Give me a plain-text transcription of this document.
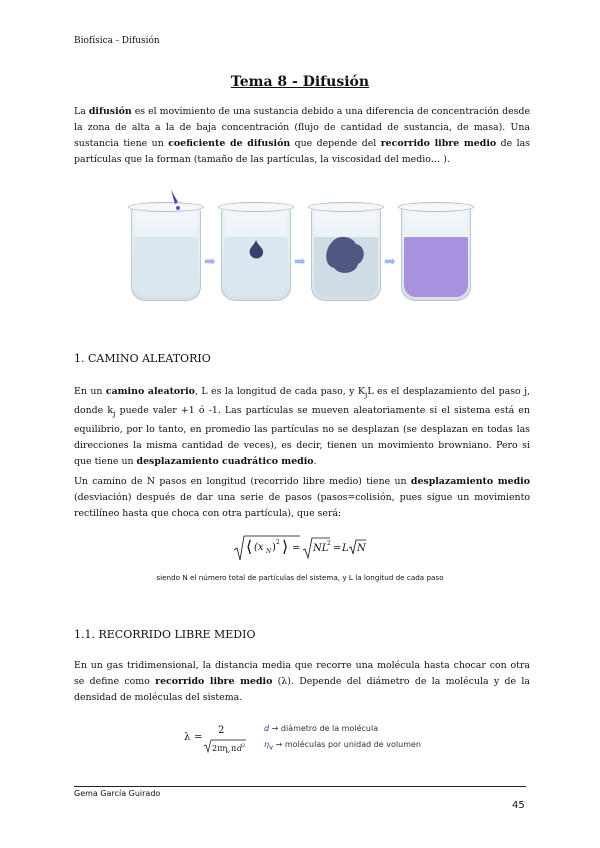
Biofísica - Difusión
Tema 8 - Difusión
La difusión es el movimiento de una sustancia debido a una diferencia de concentración desde la zona de alta a la de baja concentración (flujo de cantidad de sustancia, de masa). Una sustancia tiene un coeficiente de difusión que depende del recorrido libre medio de las partículas que la forman (tamaño de las partículas, la viscosidad del medio… ).
➡	➡	➡
1. CAMINO ALEATORIO
En un camino aleatorio, L es la longitud de cada paso, y $K_jL$ es el desplazamiento del paso j, donde $k_j$ puede valer +1 ó -1. Las partículas se mueven aleatoriamente si el sistema está en equilibrio, por lo tanto, en promedio las partículas no se desplazan (se desplazan en todas las direcciones la misma cantidad de veces), es decir, tienen un movimiento browniano. Pero si que tiene un desplazamiento cuadrático medio.
Un camino de N pasos en longitud (recorrido libre medio) tiene un desplazamiento medio (desviación) después de dar una serie de pasos (pasos=colisión, pues sigue un movimiento rectilíneo hasta que choca con otra partícula), que será:
⟨ (x N ) 2 ⟩ = NL
2 = L N
siendo N el número total de partículas del sistema, y L la longitud de cada paso
1.1. RECORRIDO LIBRE MEDIO
En un gas tridimensional, la distancia media que recorre una molécula hasta chocar con otra se define como recorrido libre medio (λ). Depende del diámetro de la molécula y de la densidad de moléculas del sistema.
λ =
2
2πη v π d 2
d → diámetro de la molécula
$\eta_v$ → moléculas por unidad de volumen
Gema García Guirado
45
